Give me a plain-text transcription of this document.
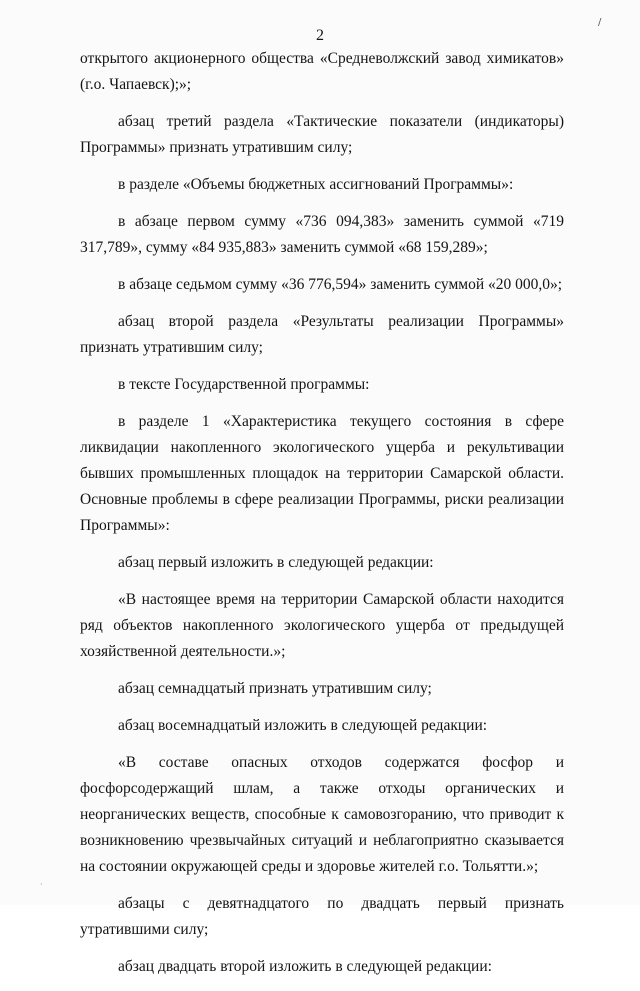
/
·
2

открытого акционерного общества «Средневолжский завод химикатов» (г.о. Чапаевск);»;

абзац третий раздела «Тактические показатели (индикаторы) Программы» признать утратившим силу;

в разделе «Объемы бюджетных ассигнований Программы»:

в абзаце первом сумму «736 094,383» заменить суммой «719 317,789», сумму «84 935,883» заменить суммой «68 159,289»;

в абзаце седьмом сумму «36 776,594» заменить суммой «20 000,0»;

абзац второй раздела «Результаты реализации Программы» признать утратившим силу;

в тексте Государственной программы:

в разделе 1 «Характеристика текущего состояния в сфере ликвидации накопленного экологического ущерба и рекультивации бывших промышленных площадок на территории Самарской области. Основные проблемы в сфере реализации Программы, риски реализации Программы»:

абзац первый изложить в следующей редакции:

«В настоящее время на территории Самарской области находится ряд объектов накопленного экологического ущерба от предыдущей хозяйственной деятельности.»;

абзац семнадцатый признать утратившим силу;

абзац восемнадцатый изложить в следующей редакции:

«В составе опасных отходов содержатся фосфор и фосфорсодержащий шлам, а также отходы органических и неорганических веществ, способные к самовозгоранию, что приводит к возникновению чрезвычайных ситуаций и неблагоприятно сказывается на состоянии окружающей среды и здоровье жителей г.о. Тольятти.»;

абзацы с девятнадцатого по двадцать первый признать утратившими силу;

абзац двадцать второй изложить в следующей редакции:
